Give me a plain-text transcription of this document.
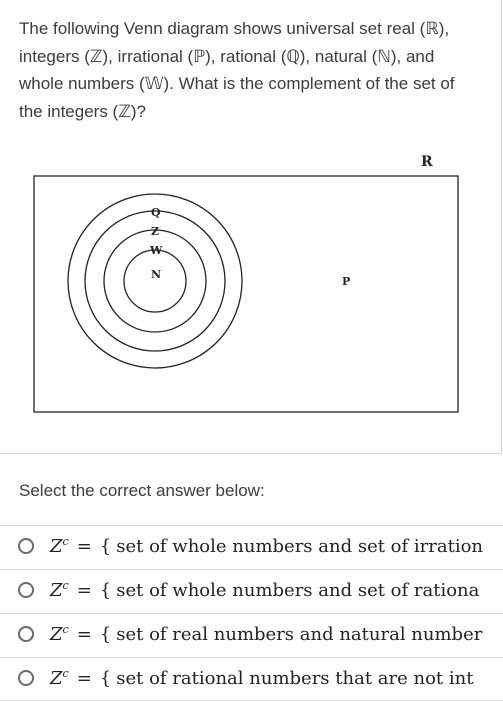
The following Venn diagram shows universal set real (ℝ), integers (ℤ), irrational (ℙ), rational (ℚ), natural (ℕ), and whole numbers (𝕎). What is the complement of the set of the integers (ℤ)?

R
Q
Z
W
N
P

Select the correct answer below:

$Z^c$ = { set of whole numbers and set of irration
$Z^c$ = { set of whole numbers and set of rationa
$Z^c$ = { set of real numbers and natural number
$Z^c$ = { set of rational numbers that are not int
